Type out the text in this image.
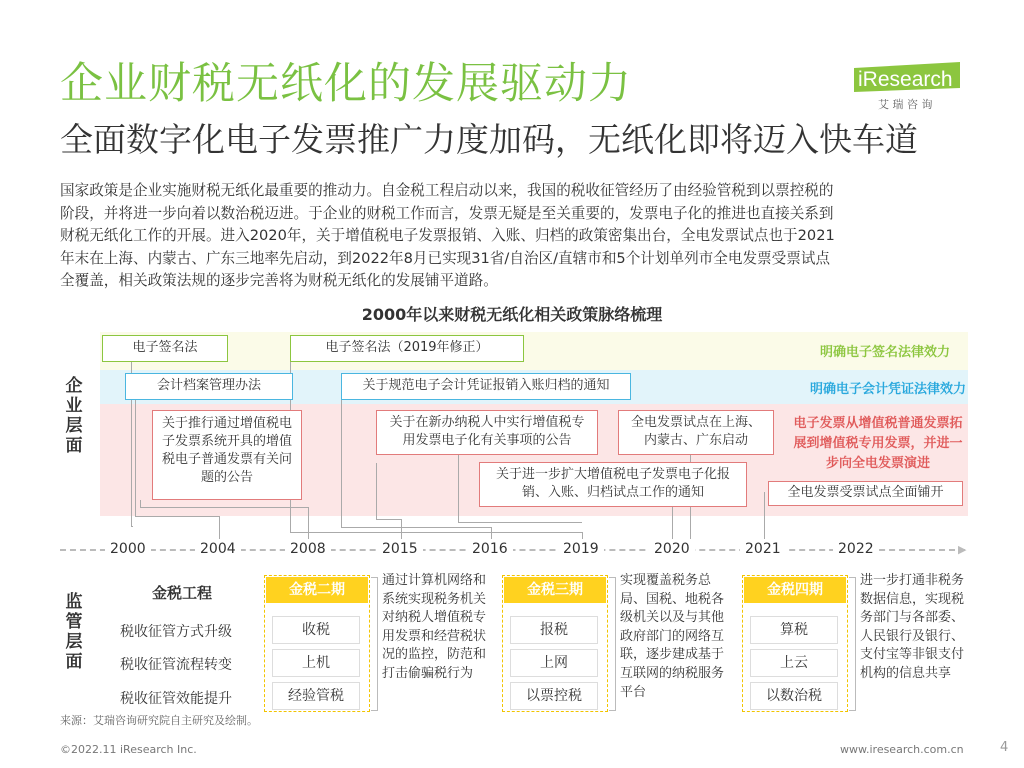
企业财税无纸化的发展驱动力
全面数字化电子发票推广力度加码，无纸化即将迈入快车道
iResearch
艾 瑞 咨 询

国家政策是企业实施财税无纸化最重要的推动力。自金税工程启动以来，我国的税收征管经历了由经验管税到以票控税的

阶段，并将进一步向着以数治税迈进。于企业的财税工作而言，发票无疑是至关重要的，发票电子化的推进也直接关系到

财税无纸化工作的开展。进入2020年，关于增值税电子发票报销、入账、归档的政策密集出台，全电发票试点也于2021

年末在上海、内蒙古、广东三地率先启动，到2022年8月已实现31省/自治区/直辖市和5个计划单列市全电发票受票试点

全覆盖，相关政策法规的逐步完善将为财税无纸化的发展铺平道路。

2000年以来财税无纸化相关政策脉络梳理
企业层面
电子签名法	电子签名法（2019年修正）
会计档案管理办法	关于规范电子会计凭证报销入账归档的通知
关于推行通过增值税电子发票系统开具的增值税电子普通发票有关问题的公告
关于在新办纳税人中实行增值税专用发票电子化有关事项的公告
全电发票试点在上海、内蒙古、广东启动
关于进一步扩大增值税电子发票电子化报销、入账、归档试点工作的通知	全电发票受票试点全面铺开
明确电子签名法律效力
明确电子会计凭证法律效力
电子发票从增值税普通发票拓展到增值税专用发票，并进一步向全电发票演进
▶
2000	2004	2008	2015	2016	2019	2020	2021	2022
监管层面
金税工程
税收征管方式升级
税收征管流程转变
税收征管效能提升
金税二期
收税
上机
经验管税
通过计算机网络和系统实现税务机关对纳税人增值税专用发票和经营税状况的监控，防范和打击偷骗税行为
金税三期
报税
上网
以票控税
实现覆盖税务总局、国税、地税各级机关以及与其他政府部门的网络互联，逐步建成基于互联网的纳税服务平台
金税四期
算税
上云
以数治税
进一步打通非税务数据信息，实现税务部门与各部委、人民银行及银行、支付宝等非银支付机构的信息共享
来源：艾瑞咨询研究院自主研究及绘制。
©2022.11 iResearch Inc.	www.iresearch.com.cn	4
